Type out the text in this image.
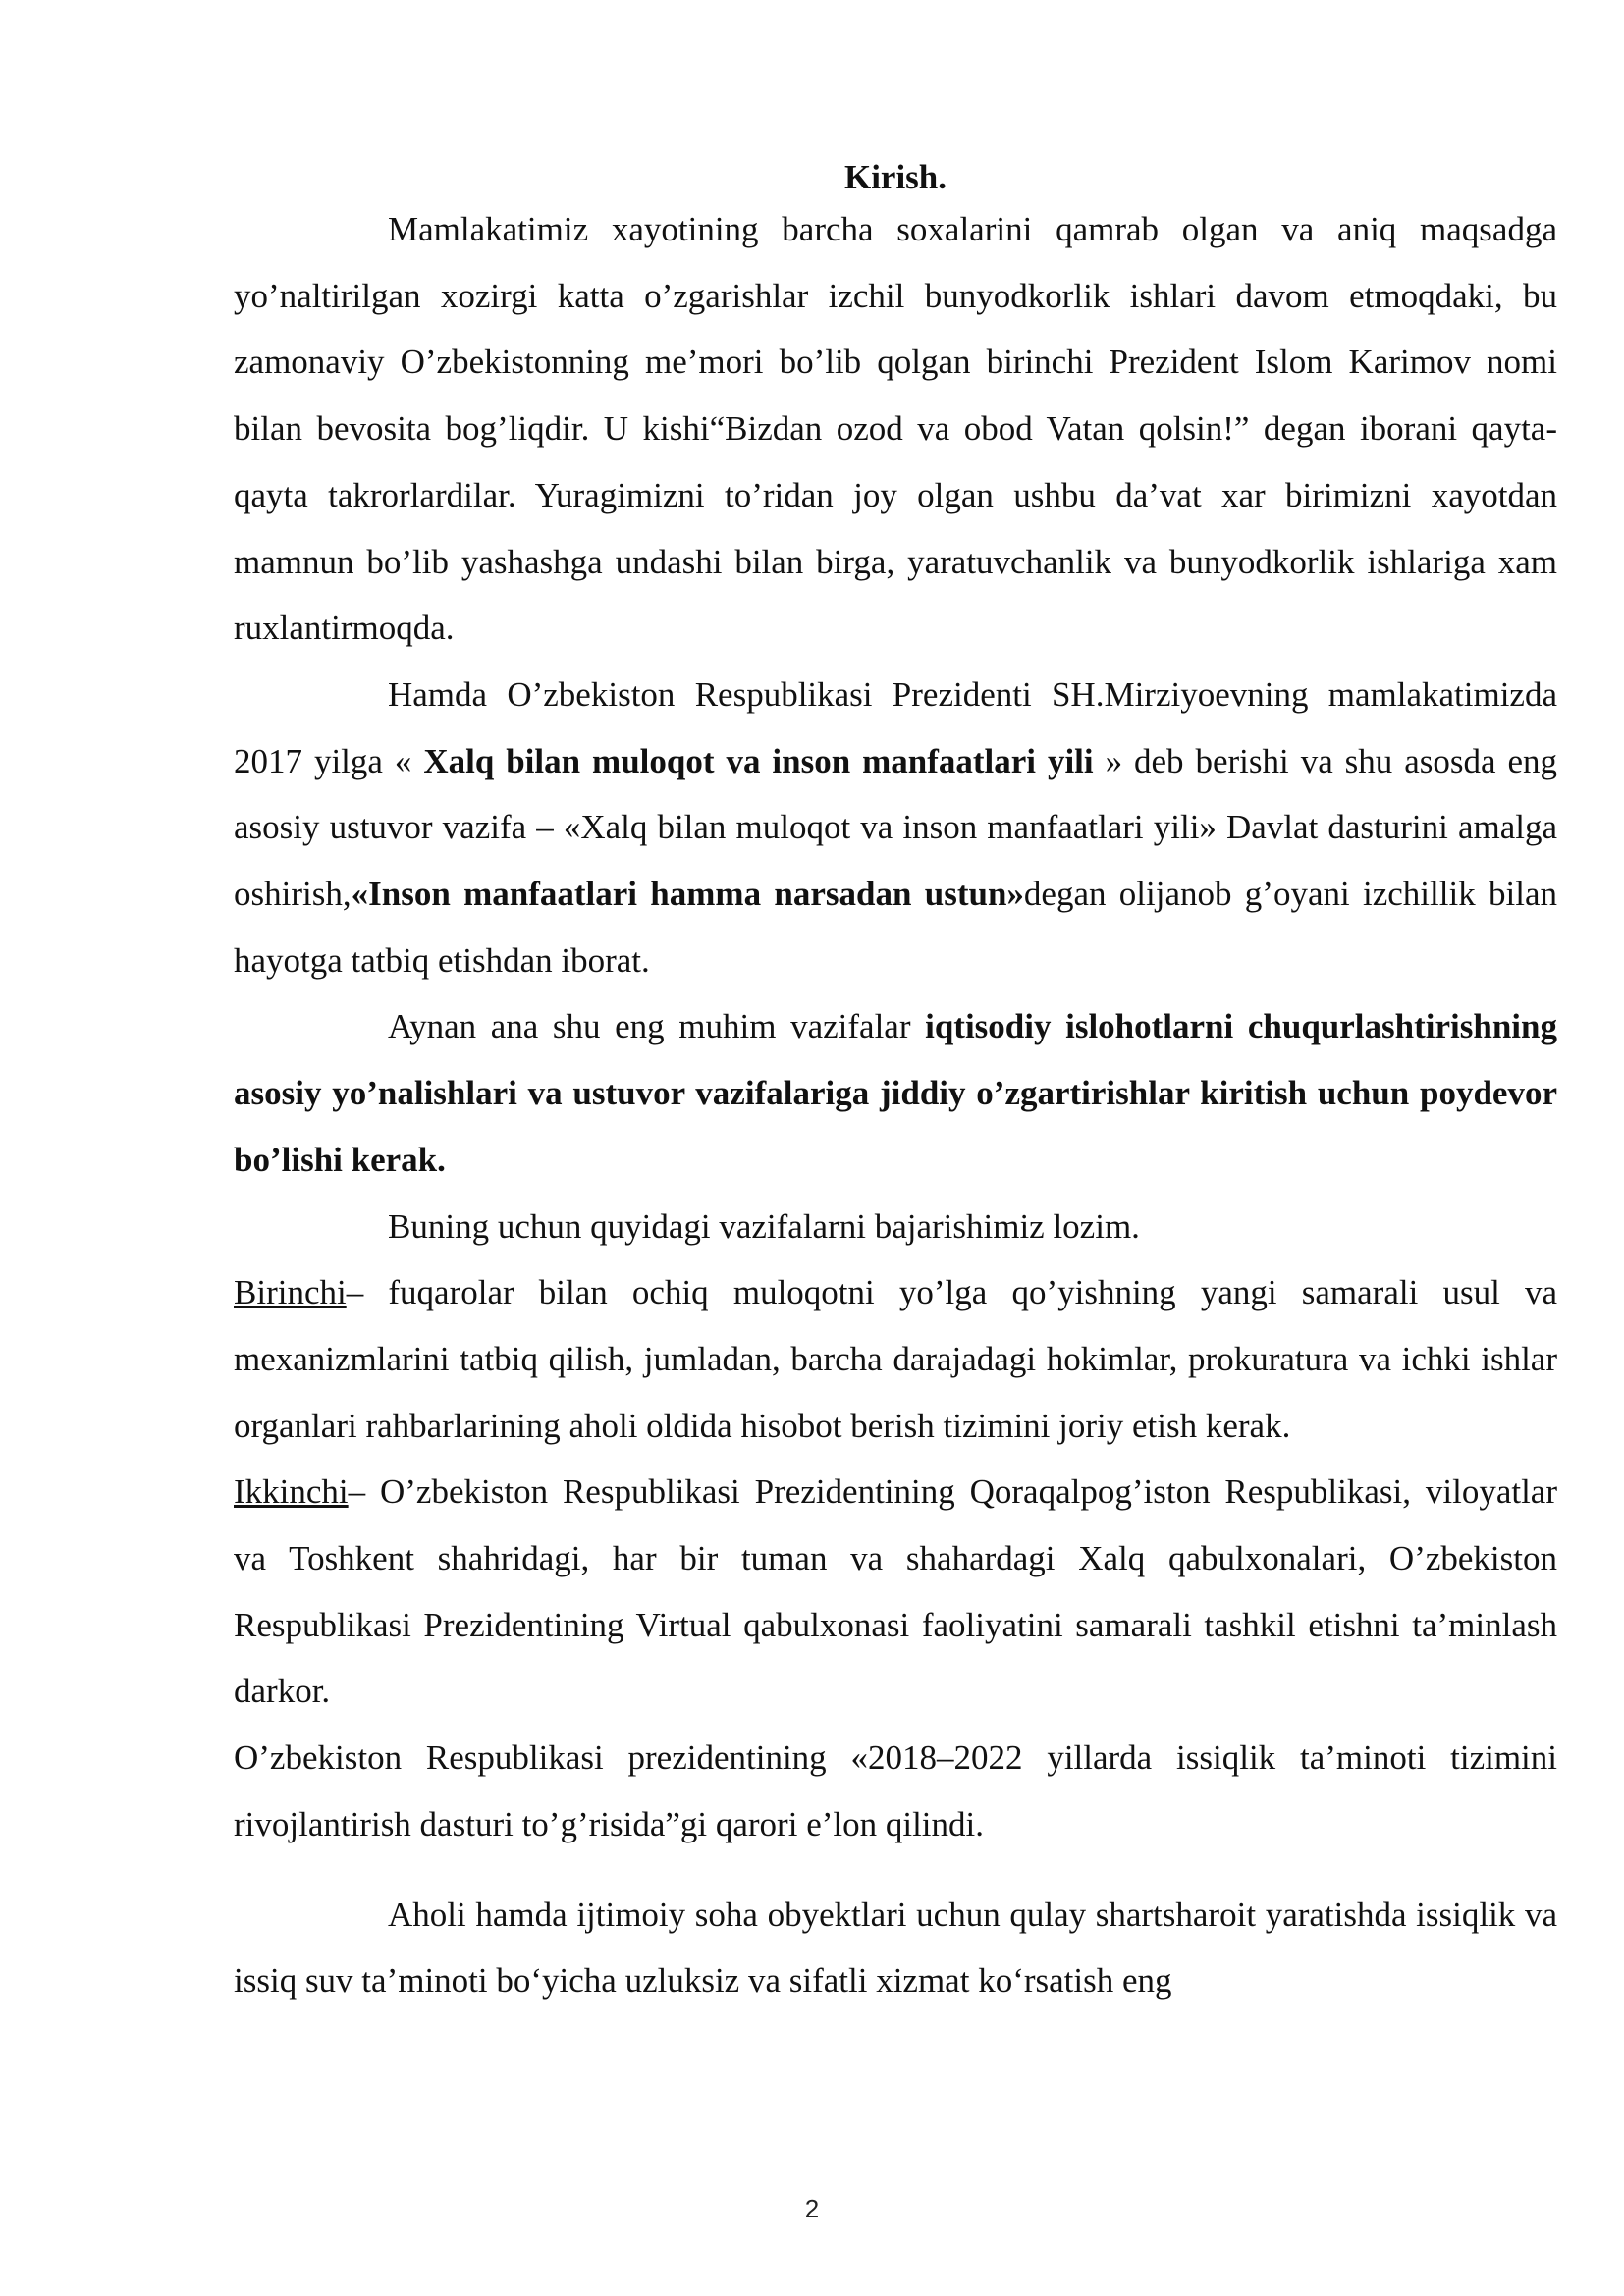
Kirish.

Mamlakatimiz xayotining barcha soxalarini qamrab olgan va aniq maqsadga yo’naltirilgan xozirgi katta o’zgarishlar izchil bunyodkorlik ishlari davom etmoqdaki, bu zamonaviy O’zbekistonning me’mori bo’lib qolgan birinchi Prezident Islom Karimov nomi bilan bevosita bog’liqdir. U kishi“Bizdan ozod va obod Vatan qolsin!” degan iborani qayta-qayta takrorlardilar. Yuragimizni to’ridan joy olgan ushbu da’vat xar birimizni xayotdan mamnun bo’lib yashashga undashi bilan birga, yaratuvchanlik va bunyodkorlik ishlariga xam ruxlantirmoqda.

Hamda O’zbekiston Respublikasi Prezidenti SH.Mirziyoevning mamlakatimizda 2017 yilga « Xalq bilan muloqot va inson manfaatlari yili » deb berishi va shu asosda eng asosiy ustuvor vazifa – «Xalq bilan muloqot va inson manfaatlari yili» Davlat dasturini amalga oshirish,«Inson manfaatlari hamma narsadan ustun»degan olijanob g’oyani izchillik bilan hayotga tatbiq etishdan iborat.

Aynan ana shu eng muhim vazifalar iqtisodiy islohotlarni chuqurlashtirishning asosiy yo’nalishlari va ustuvor vazifalariga jiddiy o’zgartirishlar kiritish uchun poydevor bo’lishi kerak.

Buning uchun quyidagi vazifalarni bajarishimiz lozim.

Birinchi– fuqarolar bilan ochiq muloqotni yo’lga qo’yishning yangi samarali usul va mexanizmlarini tatbiq qilish, jumladan, barcha darajadagi hokimlar, prokuratura va ichki ishlar organlari rahbarlarining aholi oldida hisobot berish tizimini joriy etish kerak.

Ikkinchi– O’zbekiston Respublikasi Prezidentining Qoraqalpog’iston Respublikasi, viloyatlar va Toshkent shahridagi, har bir tuman va shahardagi Xalq qabulxonalari, O’zbekiston Respublikasi Prezidentining Virtual qabulxonasi faoliyatini samarali tashkil etishni ta’minlash darkor.

O’zbekiston Respublikasi prezidentining «2018–2022 yillarda issiqlik ta’minoti tizimini rivojlantirish dasturi to’g’risida”gi qarori e’lon qilindi.

Aholi hamda ijtimoiy soha obyektlari uchun qulay shartsharoit yaratishda issiqlik va issiq suv ta’minoti bo‘yicha uzluksiz va sifatli xizmat ko‘rsatish eng

2
